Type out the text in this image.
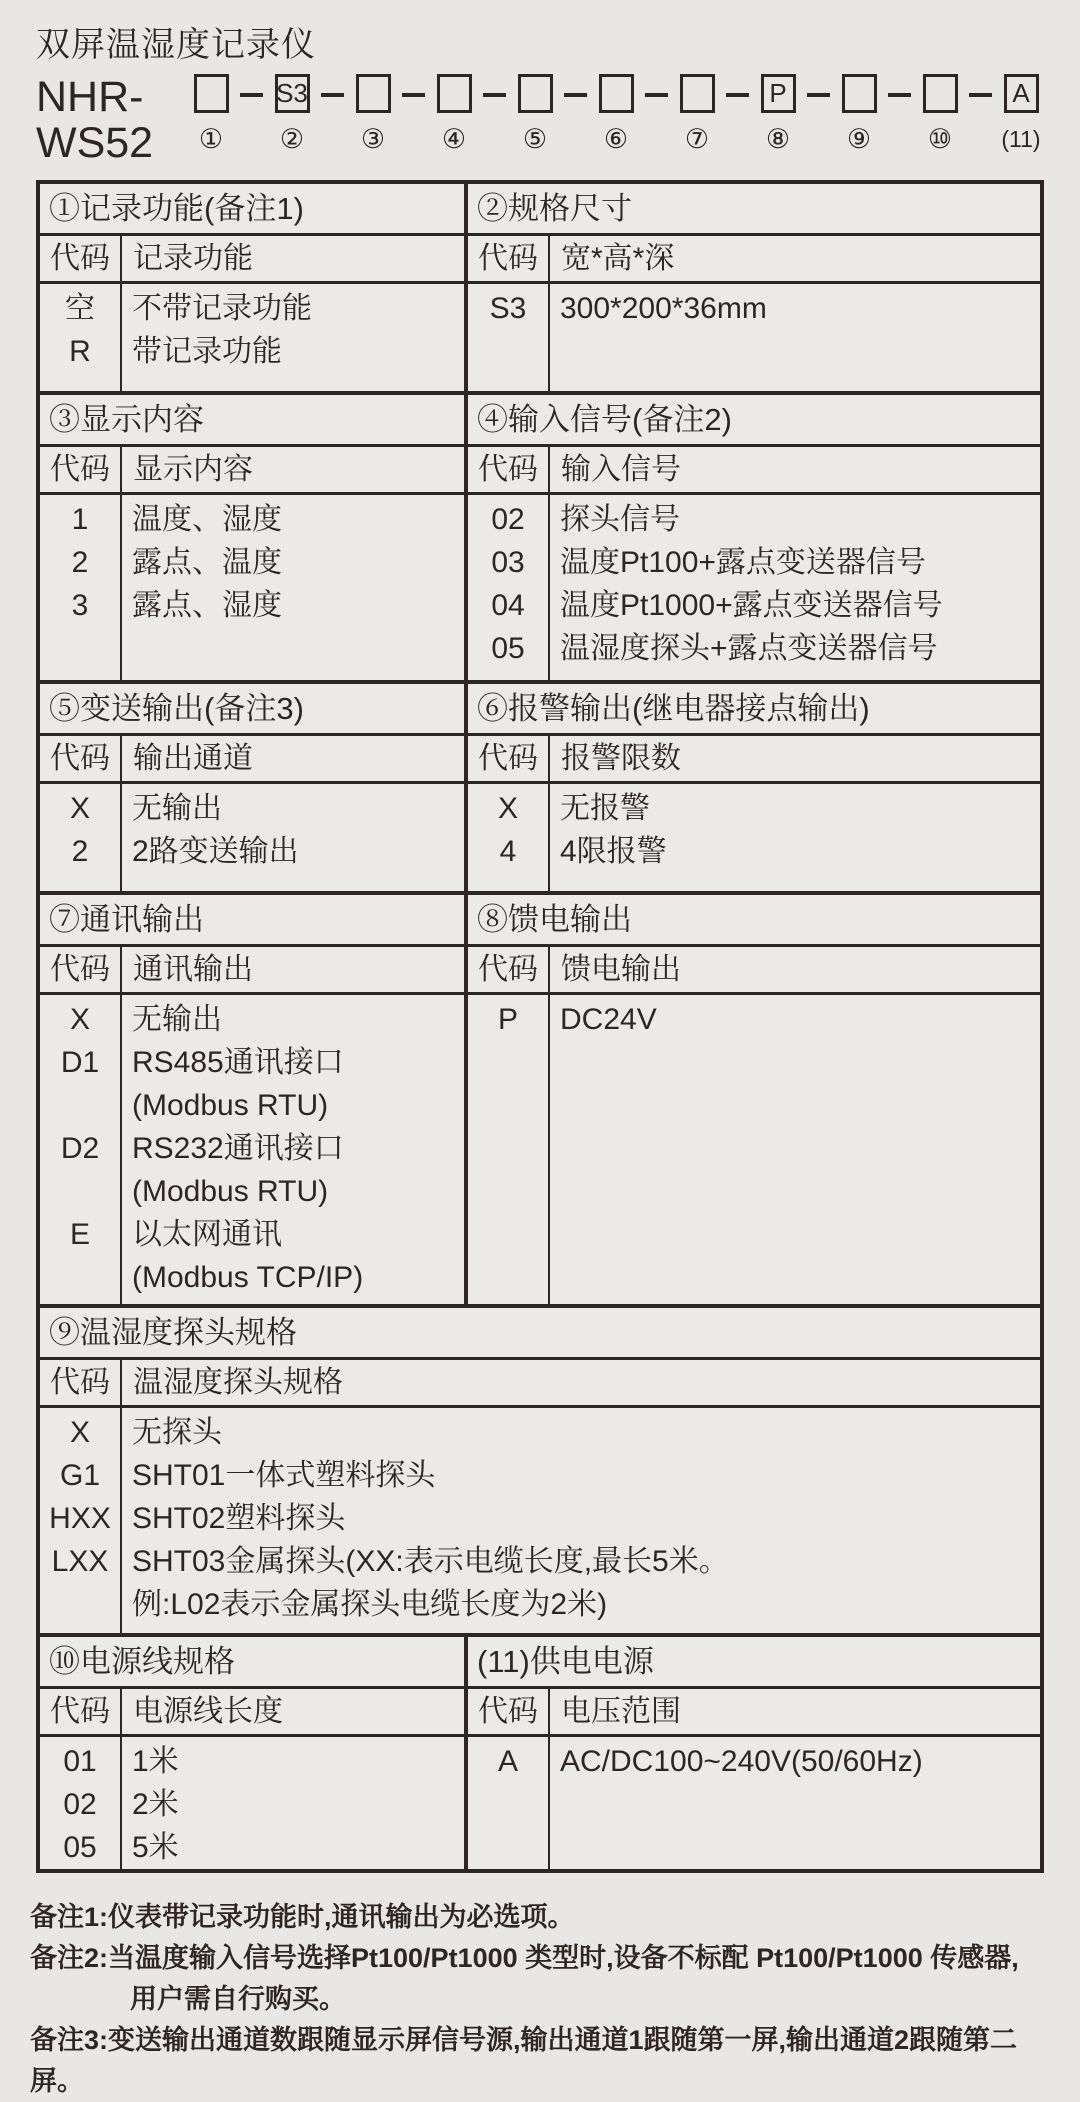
双屏温湿度记录仪
NHR-WS52	①
S3
② ③ ④ ⑤ ⑥ ⑦
P
⑧ ⑨ ⑩
A
(11)
①记录功能(备注1)
代码 记录功能
空	不带记录功能
R	带记录功能
②规格尺寸
代码 宽*高*深
S3	300*200*36mm
③显示内容
代码 显示内容
1	温度、湿度
2	露点、温度
3	露点、湿度
④输入信号(备注2)
代码 输入信号
02	探头信号
03	温度Pt100+露点变送器信号
04	温度Pt1000+露点变送器信号
05	温湿度探头+露点变送器信号
⑤变送输出(备注3)
代码 输出通道
X	无输出
2	2路变送输出
⑥报警输出(继电器接点输出)
代码 报警限数
X	无报警
4	4限报警
⑦通讯输出
代码 通讯输出
X	无输出
D1	RS485通讯接口
(Modbus RTU)
D2	RS232通讯接口
(Modbus RTU)
E	以太网通讯
(Modbus TCP/IP)
⑧馈电输出
代码 馈电输出
P	DC24V
⑨温湿度探头规格
代码 温湿度探头规格
X	无探头
G1	SHT01一体式塑料探头
HXX SHT02塑料探头
LXX SHT03金属探头(XX:表示电缆长度,最长5米。
例:L02表示金属探头电缆长度为2米)
⑩电源线规格
代码 电源线长度
01	1米
02	2米
05	5米
(11)供电电源
代码 电压范围
A	AC/DC100~240V(50/60Hz)
备注1:仪表带记录功能时,通讯输出为必选项。
备注2:当温度输入信号选择Pt100/Pt1000 类型时,设备不标配 Pt100/Pt1000 传感器,
用户需自行购买。
备注3:变送输出通道数跟随显示屏信号源,输出通道1跟随第一屏,输出通道2跟随第二屏。
